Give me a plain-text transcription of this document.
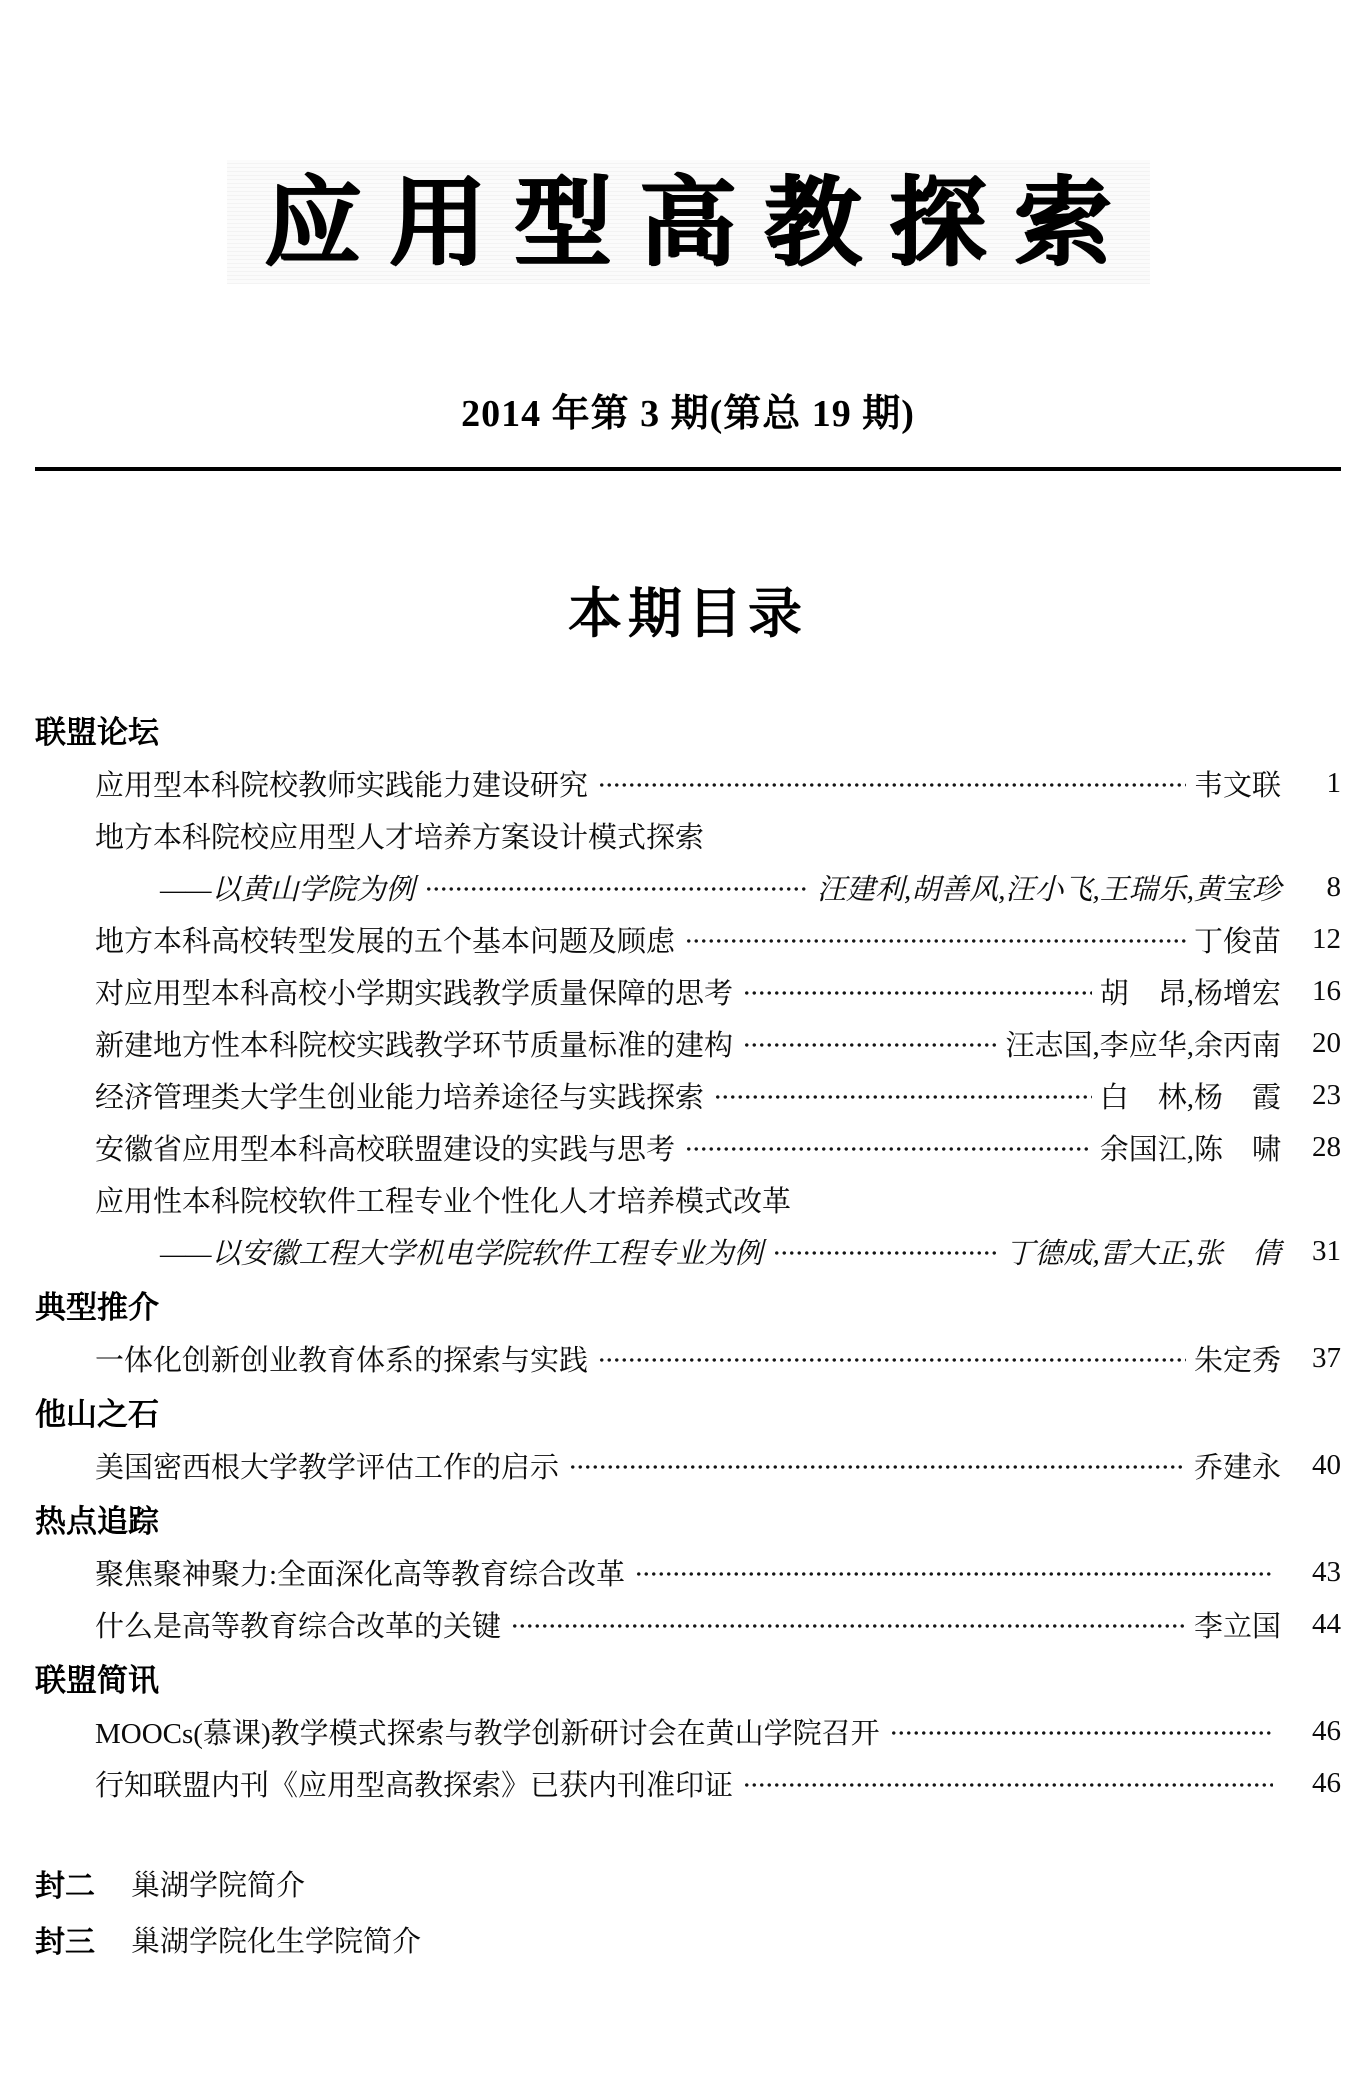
应用型高教探索
2014 年第 3 期(第总 19 期)
本期目录
联盟论坛
应用型本科院校教师实践能力建设研究	韦文联	1
地方本科院校应用型人才培养方案设计模式探索
——以黄山学院为例	汪建利,胡善风,汪小飞,王瑞乐,黄宝珍	8
地方本科高校转型发展的五个基本问题及顾虑	丁俊苗	12
对应用型本科高校小学期实践教学质量保障的思考	胡　昂,杨增宏	16
新建地方性本科院校实践教学环节质量标准的建构	汪志国,李应华,余丙南	20
经济管理类大学生创业能力培养途径与实践探索	白　林,杨　霞	23
安徽省应用型本科高校联盟建设的实践与思考	余国江,陈　啸	28
应用性本科院校软件工程专业个性化人才培养模式改革
——以安徽工程大学机电学院软件工程专业为例	丁德成,雷大正,张　倩	31
典型推介
一体化创新创业教育体系的探索与实践	朱定秀	37
他山之石
美国密西根大学教学评估工作的启示	乔建永	40
热点追踪
聚焦聚神聚力:全面深化高等教育综合改革	43
什么是高等教育综合改革的关键	李立国	44
联盟简讯
MOOCs(慕课)教学模式探索与教学创新研讨会在黄山学院召开	46
行知联盟内刊《应用型高教探索》已获内刊准印证	46
封二 巢湖学院简介
封三 巢湖学院化生学院简介
